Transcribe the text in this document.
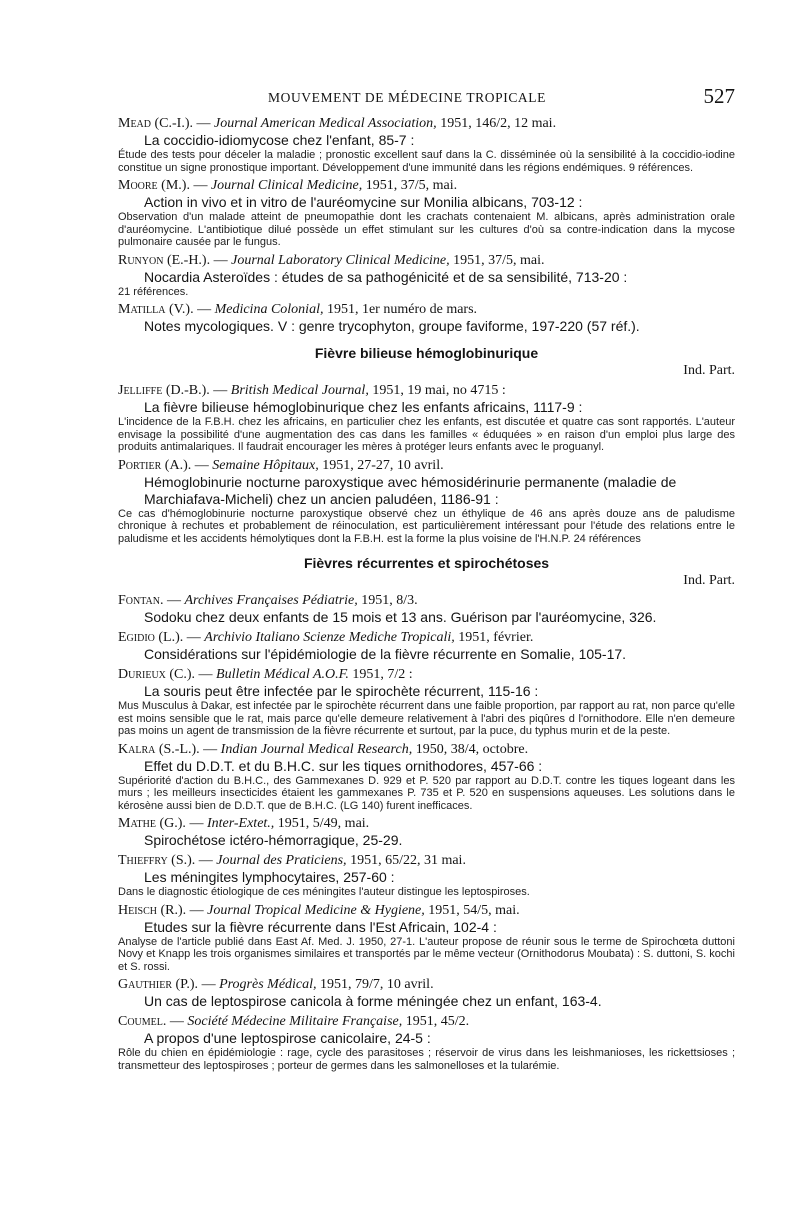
MOUVEMENT DE MÉDECINE TROPICALE	527
Mead (C.-I.). — Journal American Medical Association, 1951, 146/2, 12 mai.
La coccidio-idiomycose chez l'enfant, 85-7 :
Étude des tests pour déceler la maladie ; pronostic excellent sauf dans la C. disséminée où la sensibilité à la coccidio-iodine constitue un signe pronostique important. Développement d'une immunité dans les régions endémiques. 9 références.
Moore (M.). — Journal Clinical Medicine, 1951, 37/5, mai.
Action in vivo et in vitro de l'auréomycine sur Monilia albicans, 703-12 :
Observation d'un malade atteint de pneumopathie dont les crachats contenaient M. albicans, après administration orale d'auréomycine. L'antibiotique dilué possède un effet stimulant sur les cultures d'où sa contre-indication dans la mycose pulmonaire causée par le fungus.
Runyon (E.-H.). — Journal Laboratory Clinical Medicine, 1951, 37/5, mai.
Nocardia Asteroïdes : études de sa pathogénicité et de sa sensibilité, 713-20 :
21 références.
Matilla (V.). — Medicina Colonial, 1951, 1er numéro de mars.
Notes mycologiques. V : genre trycophyton, groupe faviforme, 197-220 (57 réf.).
Fièvre bilieuse hémoglobinurique
Ind. Part.
Jelliffe (D.-B.). — British Medical Journal, 1951, 19 mai, no 4715 :
La fièvre bilieuse hémoglobinurique chez les enfants africains, 1117-9 :
L'incidence de la F.B.H. chez les africains, en particulier chez les enfants, est discutée et quatre cas sont rapportés. L'auteur envisage la possibilité d'une augmentation des cas dans les familles « éduquées » en raison d'un emploi plus large des produits antimalariques. Il faudrait encourager les mères à protéger leurs enfants avec le proguanyl.
Portier (A.). — Semaine Hôpitaux, 1951, 27-27, 10 avril.
Hémoglobinurie nocturne paroxystique avec hémosidérinurie permanente (maladie de Marchiafava-Micheli) chez un ancien paludéen, 1186-91 :
Ce cas d'hémoglobinurie nocturne paroxystique observé chez un éthylique de 46 ans après douze ans de paludisme chronique à rechutes et probablement de réinoculation, est particulièrement intéressant pour l'étude des relations entre le paludisme et les accidents hémolytiques dont la F.B.H. est la forme la plus voisine de l'H.N.P. 24 références
Fièvres récurrentes et spirochétoses
Ind. Part.
Fontan. — Archives Françaises Pédiatrie, 1951, 8/3.
Sodoku chez deux enfants de 15 mois et 13 ans. Guérison par l'auréomycine, 326.
Egidio (L.). — Archivio Italiano Scienze Mediche Tropicali, 1951, février.
Considérations sur l'épidémiologie de la fièvre récurrente en Somalie, 105-17.
Durieux (C.). — Bulletin Médical A.O.F. 1951, 7/2 :
La souris peut être infectée par le spirochète récurrent, 115-16 :
Mus Musculus à Dakar, est infectée par le spirochète récurrent dans une faible proportion, par rapport au rat, non parce qu'elle est moins sensible que le rat, mais parce qu'elle demeure relativement à l'abri des piqûres d l'ornithodore. Elle n'en demeure pas moins un agent de transmission de la fièvre récurrente et surtout, par la puce, du typhus murin et de la peste.
Kalra (S.-L.). — Indian Journal Medical Research, 1950, 38/4, octobre.
Effet du D.D.T. et du B.H.C. sur les tiques ornithodores, 457-66 :
Supériorité d'action du B.H.C., des Gammexanes D. 929 et P. 520 par rapport au D.D.T. contre les tiques logeant dans les murs ; les meilleurs insecticides étaient les gammexanes P. 735 et P. 520 en suspensions aqueuses. Les solutions dans le kérosène aussi bien de D.D.T. que de B.H.C. (LG 140) furent inefficaces.
Mathe (G.). — Inter-Extet., 1951, 5/49, mai.
Spirochétose ictéro-hémorragique, 25-29.
Thieffry (S.). — Journal des Praticiens, 1951, 65/22, 31 mai.
Les méningites lymphocytaires, 257-60 :
Dans le diagnostic étiologique de ces méningites l'auteur distingue les leptospiroses.
Heisch (R.). — Journal Tropical Medicine & Hygiene, 1951, 54/5, mai.
Etudes sur la fièvre récurrente dans l'Est Africain, 102-4 :
Analyse de l'article publié dans East Af. Med. J. 1950, 27-1. L'auteur propose de réunir sous le terme de Spirochœta duttoni Novy et Knapp les trois organismes similaires et transportés par le même vecteur (Ornithodorus Moubata) : S. duttoni, S. kochi et S. rossi.
Gauthier (P.). — Progrès Médical, 1951, 79/7, 10 avril.
Un cas de leptospirose canicola à forme méningée chez un enfant, 163-4.
Coumel. — Société Médecine Militaire Française, 1951, 45/2.
A propos d'une leptospirose canicolaire, 24-5 :
Rôle du chien en épidémiologie : rage, cycle des parasitoses ; réservoir de virus dans les leishmanioses, les rickettsioses ; transmetteur des leptospiroses ; porteur de germes dans les salmonelloses et la tularémie.
